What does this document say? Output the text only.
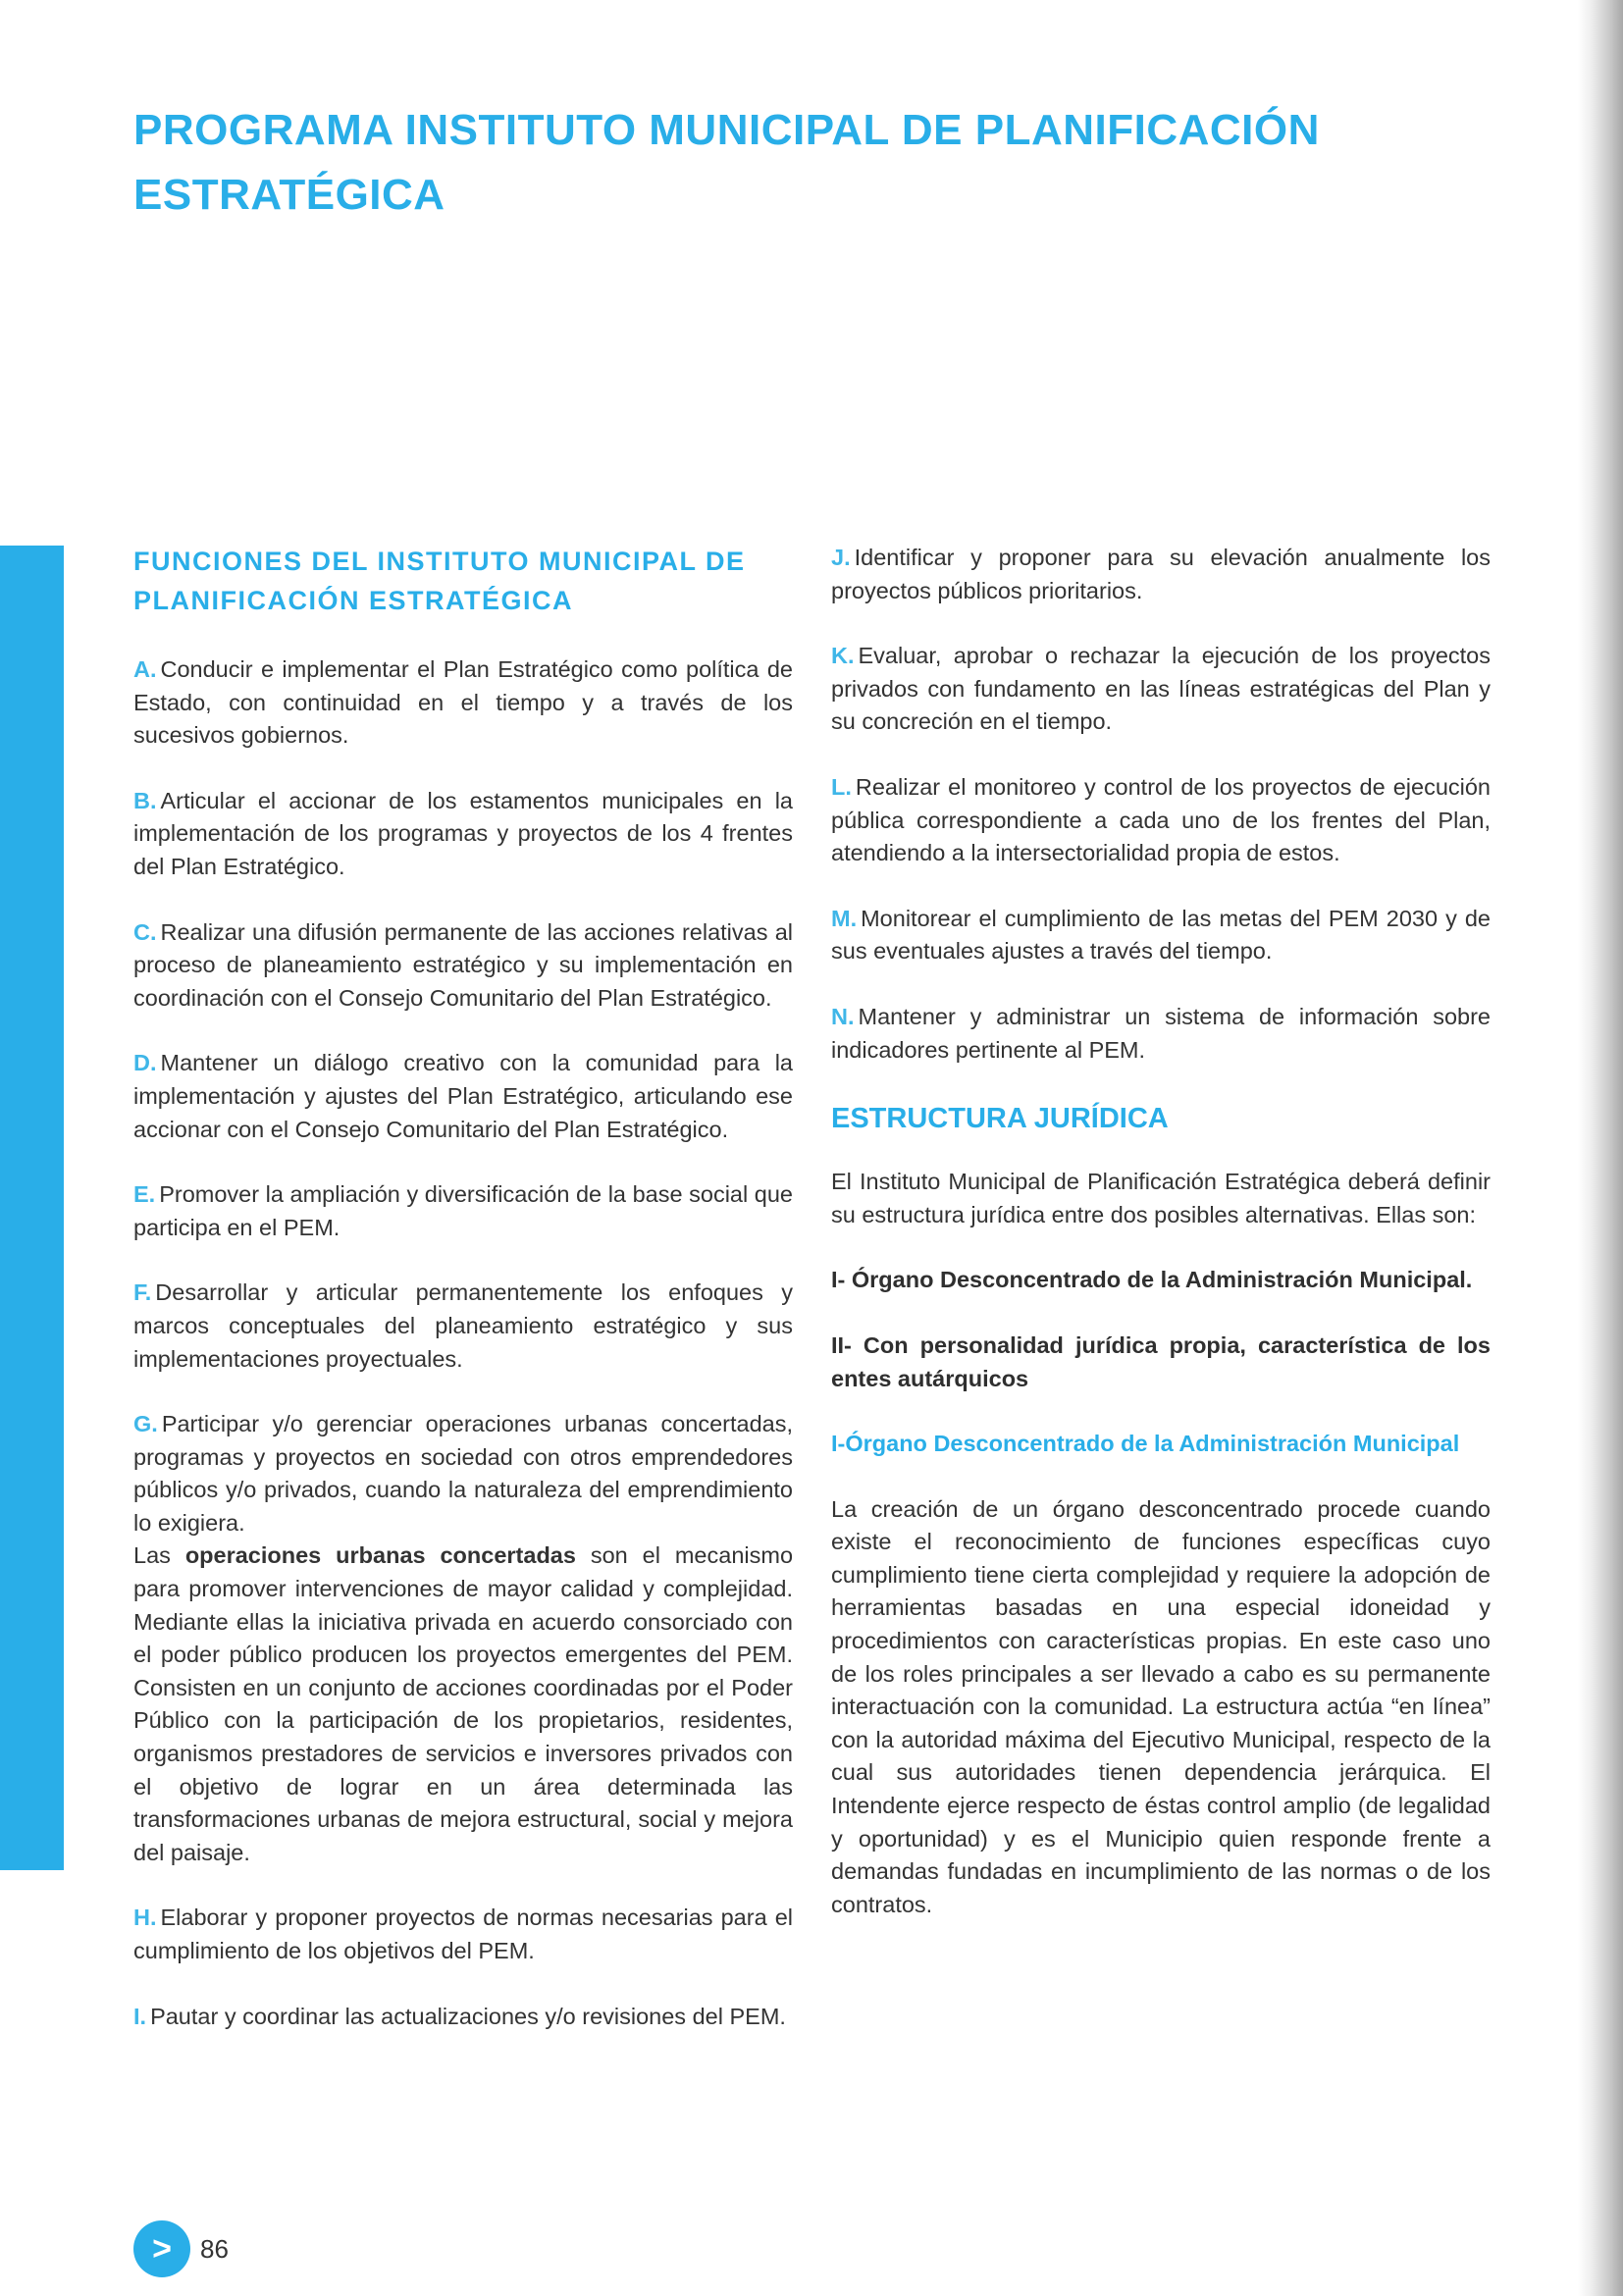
PROGRAMA INSTITUTO MUNICIPAL DE PLANIFICACIÓN
ESTRATÉGICA
FUNCIONES DEL INSTITUTO MUNICIPAL DE
PLANIFICACIÓN ESTRATÉGICA

A. Conducir e implementar el Plan Estratégico como política de Estado, con continuidad en el tiempo y a través de los sucesivos gobiernos.

B. Articular el accionar de los estamentos municipales en la implementación de los programas y proyectos de los 4 frentes del Plan Estratégico.

C. Realizar una difusión permanente de las acciones relativas al proceso de planeamiento estratégico y su implementación en coordinación con el Consejo Comunitario del Plan Estratégico.

D. Mantener un diálogo creativo con la comunidad para la implementación y ajustes del Plan Estratégico, articulando ese accionar con el Consejo Comunitario del Plan Estratégico.

E. Promover la ampliación y diversificación de la base social que participa en el PEM.

F. Desarrollar y articular permanentemente los enfoques y marcos conceptuales del planeamiento estratégico y sus implementaciones proyectuales.

G. Participar y/o gerenciar operaciones urbanas concertadas, programas y proyectos en sociedad con otros emprendedores públicos y/o privados, cuando la naturaleza del emprendimiento lo exigiera.

Las operaciones urbanas concertadas son el mecanismo para promover intervenciones de mayor calidad y complejidad. Mediante ellas la iniciativa privada en acuerdo consorciado con el poder público producen los proyectos emergentes del PEM. Consisten en un conjunto de acciones coordinadas por el Poder Público con la participación de los propietarios, residentes, organismos prestadores de servicios e inversores privados con el objetivo de lograr en un área determinada las transformaciones urbanas de mejora estructural, social y mejora del paisaje.

H. Elaborar y proponer proyectos de normas necesarias para el cumplimiento de los objetivos del PEM.

I. Pautar y coordinar las actualizaciones y/o revisiones del PEM.

J. Identificar y proponer para su elevación anualmente los proyectos públicos prioritarios.

K. Evaluar, aprobar o rechazar la ejecución de los proyectos privados con fundamento en las líneas estratégicas del Plan y su concreción en el tiempo.

L. Realizar el monitoreo y control de los proyectos de ejecución pública correspondiente a cada uno de los frentes del Plan, atendiendo a la intersectorialidad propia de estos.

M. Monitorear el cumplimiento de las metas del PEM 2030 y de sus eventuales ajustes a través del tiempo.

N. Mantener y administrar un sistema de información sobre indicadores pertinente al PEM.

ESTRUCTURA JURÍDICA

El Instituto Municipal de Planificación Estratégica deberá definir su estructura jurídica entre dos posibles alternativas. Ellas son:

I- Órgano Desconcentrado de la Administración Municipal.

II- Con personalidad jurídica propia, característica de los entes autárquicos

I-Órgano Desconcentrado de la Administración Municipal

La creación de un órgano desconcentrado procede cuando existe el reconocimiento de funciones específicas cuyo cumplimiento tiene cierta complejidad y requiere la adopción de herramientas basadas en una especial idoneidad y procedimientos con características propias. En este caso uno de los roles principales a ser llevado a cabo es su permanente interactuación con la comunidad. La estructura actúa “en línea” con la autoridad máxima del Ejecutivo Municipal, respecto de la cual sus autoridades tienen dependencia jerárquica. El Intendente ejerce respecto de éstas control amplio (de legalidad y oportunidad) y es el Municipio quien responde frente a demandas fundadas en incumplimiento de las normas o de los contratos.

>	86
